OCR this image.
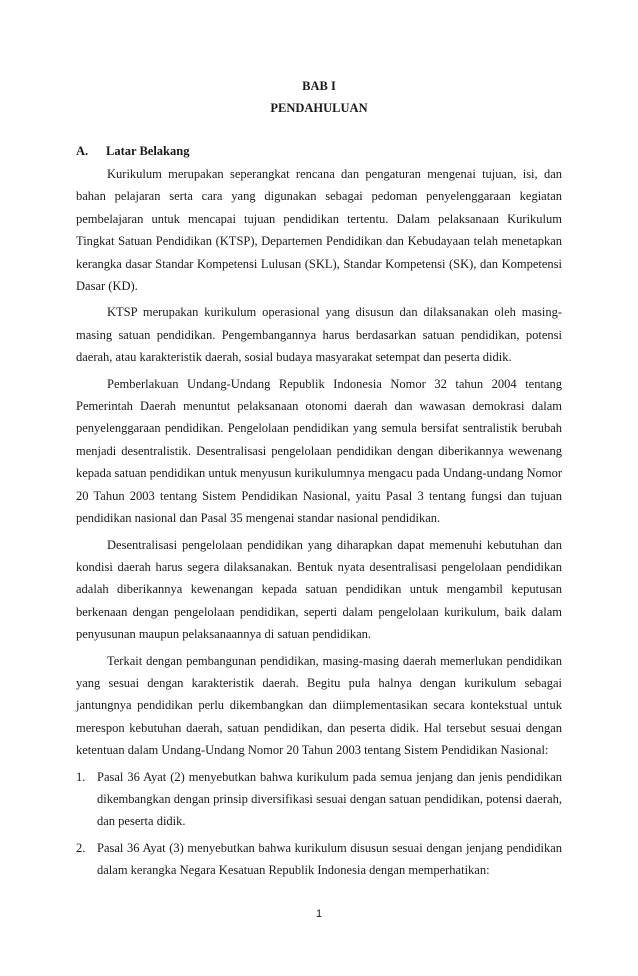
BAB I
PENDAHULUAN
A. Latar Belakang

Kurikulum merupakan seperangkat rencana dan pengaturan mengenai tujuan, isi, dan bahan pelajaran serta cara yang digunakan sebagai pedoman penyelenggaraan kegiatan pembelajaran untuk mencapai tujuan pendidikan tertentu. Dalam pelaksanaan Kurikulum Tingkat Satuan Pendidikan (KTSP), Departemen Pendidikan dan Kebudayaan telah menetapkan kerangka dasar Standar Kompetensi Lulusan (SKL), Standar Kompetensi (SK), dan Kompetensi Dasar (KD).

KTSP merupakan kurikulum operasional yang disusun dan dilaksanakan oleh masing-masing satuan pendidikan. Pengembangannya harus berdasarkan satuan pendidikan, potensi daerah, atau karakteristik daerah, sosial budaya masyarakat setempat dan peserta didik.

Pemberlakuan Undang-Undang Republik Indonesia Nomor 32 tahun 2004 tentang Pemerintah Daerah menuntut pelaksanaan otonomi daerah dan wawasan demokrasi dalam penyelenggaraan pendidikan. Pengelolaan pendidikan yang semula bersifat sentralistik berubah menjadi desentralistik. Desentralisasi pengelolaan pendidikan dengan diberikannya wewenang kepada satuan pendidikan untuk menyusun kurikulumnya mengacu pada Undang-undang Nomor 20 Tahun 2003 tentang Sistem Pendidikan Nasional, yaitu Pasal 3 tentang fungsi dan tujuan pendidikan nasional dan Pasal 35 mengenai standar nasional pendidikan.

Desentralisasi pengelolaan pendidikan yang diharapkan dapat memenuhi kebutuhan dan kondisi daerah harus segera dilaksanakan. Bentuk nyata desentralisasi pengelolaan pendidikan adalah diberikannya kewenangan kepada satuan pendidikan untuk mengambil keputusan berkenaan dengan pengelolaan pendidikan, seperti dalam pengelolaan kurikulum, baik dalam penyusunan maupun pelaksanaannya di satuan pendidikan.

Terkait dengan pembangunan pendidikan, masing-masing daerah memerlukan pendidikan yang sesuai dengan karakteristik daerah. Begitu pula halnya dengan kurikulum sebagai jantungnya pendidikan perlu dikembangkan dan diimplementasikan secara kontekstual untuk merespon kebutuhan daerah, satuan pendidikan, dan peserta didik. Hal tersebut sesuai dengan ketentuan dalam Undang-Undang Nomor 20 Tahun 2003 tentang Sistem Pendidikan Nasional:

1. Pasal 36 Ayat (2) menyebutkan bahwa kurikulum pada semua jenjang dan jenis pendidikan dikembangkan dengan prinsip diversifikasi sesuai dengan satuan pendidikan, potensi daerah, dan peserta didik.
2. Pasal 36 Ayat (3) menyebutkan bahwa kurikulum disusun sesuai dengan jenjang pendidikan dalam kerangka Negara Kesatuan Republik Indonesia dengan memperhatikan:
1
